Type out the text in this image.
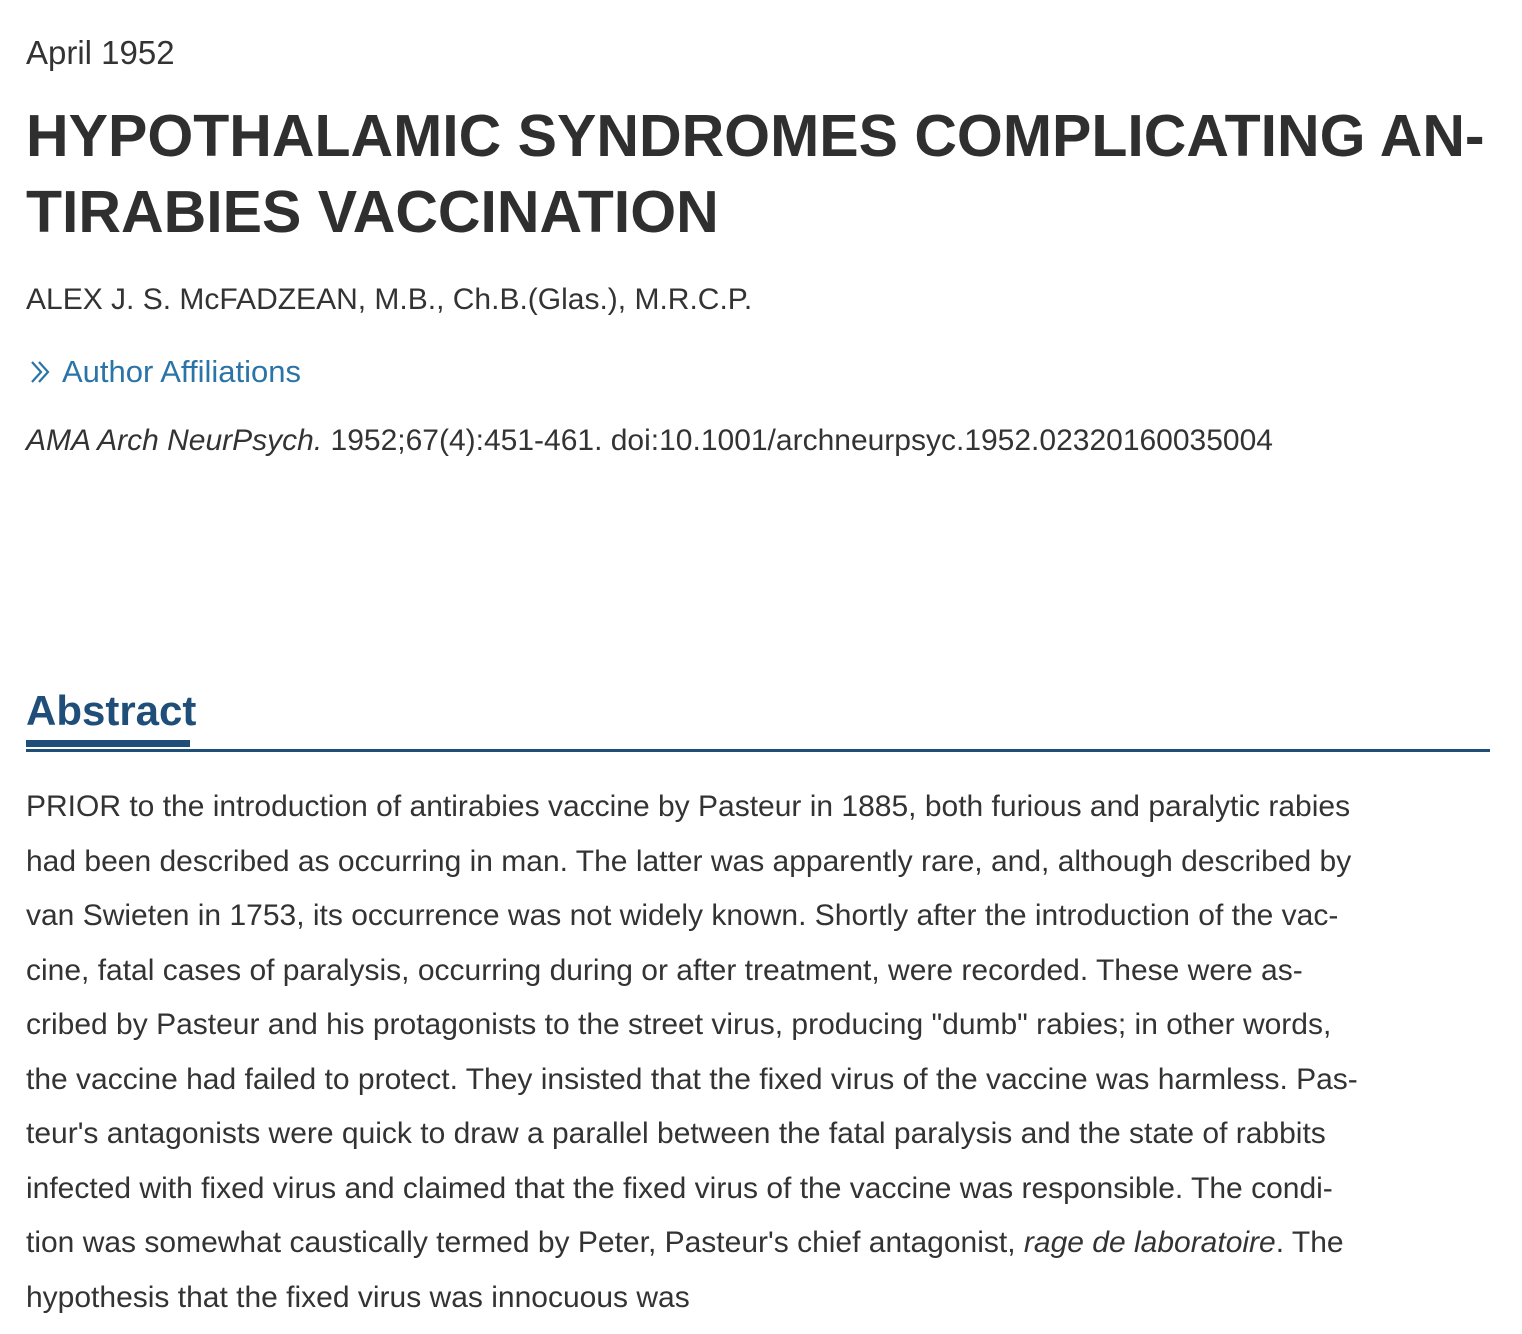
April 1952
HYPOTHALAMIC SYNDROMES COMPLICATING AN-
TIRABIES VACCINATION
ALEX J. S. McFADZEAN, M.B., Ch.B.(Glas.), M.R.C.P.
Author Affiliations
AMA Arch NeurPsych. 1952;67(4):451-461. doi:10.1001/archneurpsyc.1952.02320160035004
Abstract
PRIOR to the introduction of antirabies vaccine by Pasteur in 1885, both furious and paralytic rabies
had been described as occurring in man. The latter was apparently rare, and, although described by
van Swieten in 1753, its occurrence was not widely known. Shortly after the introduction of the vac-
cine, fatal cases of paralysis, occurring during or after treatment, were recorded. These were as-
cribed by Pasteur and his protagonists to the street virus, producing "dumb" rabies; in other words,
the vaccine had failed to protect. They insisted that the fixed virus of the vaccine was harmless. Pas-
teur's antagonists were quick to draw a parallel between the fatal paralysis and the state of rabbits
infected with fixed virus and claimed that the fixed virus of the vaccine was responsible. The condi-
tion was somewhat caustically termed by Peter, Pasteur's chief antagonist, rage de laboratoire. The
hypothesis that the fixed virus was innocuous was
